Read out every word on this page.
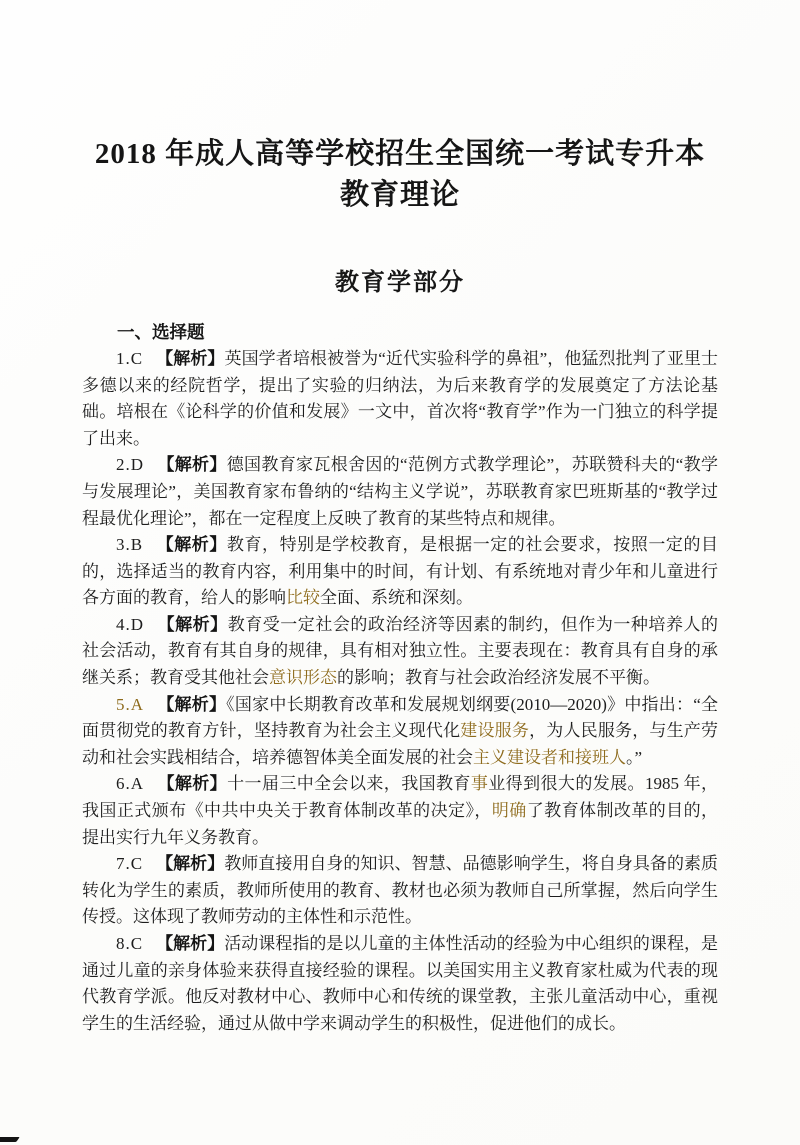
2018 年成人高等学校招生全国统一考试专升本
教育理论
教育学部分

一、选择题

1.C 【解析】英国学者培根被誉为“近代实验科学的鼻祖”，他猛烈批判了亚里士多德以来的经院哲学，提出了实验的归纳法，为后来教育学的发展奠定了方法论基础。培根在《论科学的价值和发展》一文中，首次将“教育学”作为一门独立的科学提了出来。

2.D 【解析】德国教育家瓦根舍因的“范例方式教学理论”，苏联赞科夫的“教学与发展理论”，美国教育家布鲁纳的“结构主义学说”，苏联教育家巴班斯基的“教学过程最优化理论”，都在一定程度上反映了教育的某些特点和规律。

3.B 【解析】教育，特别是学校教育，是根据一定的社会要求，按照一定的目的，选择适当的教育内容，利用集中的时间，有计划、有系统地对青少年和儿童进行各方面的教育，给人的影响比较全面、系统和深刻。

4.D 【解析】教育受一定社会的政治经济等因素的制约，但作为一种培养人的社会活动，教育有其自身的规律，具有相对独立性。主要表现在：教育具有自身的承继关系；教育受其他社会意识形态的影响；教育与社会政治经济发展不平衡。

5.A 【解析】《国家中长期教育改革和发展规划纲要(2010—2020)》中指出：“全面贯彻党的教育方针，坚持教育为社会主义现代化建设服务，为人民服务，与生产劳动和社会实践相结合，培养德智体美全面发展的社会主义建设者和接班人。”

6.A 【解析】十一届三中全会以来，我国教育事业得到很大的发展。1985 年，我国正式颁布《中共中央关于教育体制改革的决定》，明确了教育体制改革的目的，提出实行九年义务教育。

7.C 【解析】教师直接用自身的知识、智慧、品德影响学生，将自身具备的素质转化为学生的素质，教师所使用的教育、教材也必须为教师自己所掌握，然后向学生传授。这体现了教师劳动的主体性和示范性。

8.C 【解析】活动课程指的是以儿童的主体性活动的经验为中心组织的课程，是通过儿童的亲身体验来获得直接经验的课程。以美国实用主义教育家杜威为代表的现代教育学派。他反对教材中心、教师中心和传统的课堂教，主张儿童活动中心，重视学生的生活经验，通过从做中学来调动学生的积极性，促进他们的成长。
